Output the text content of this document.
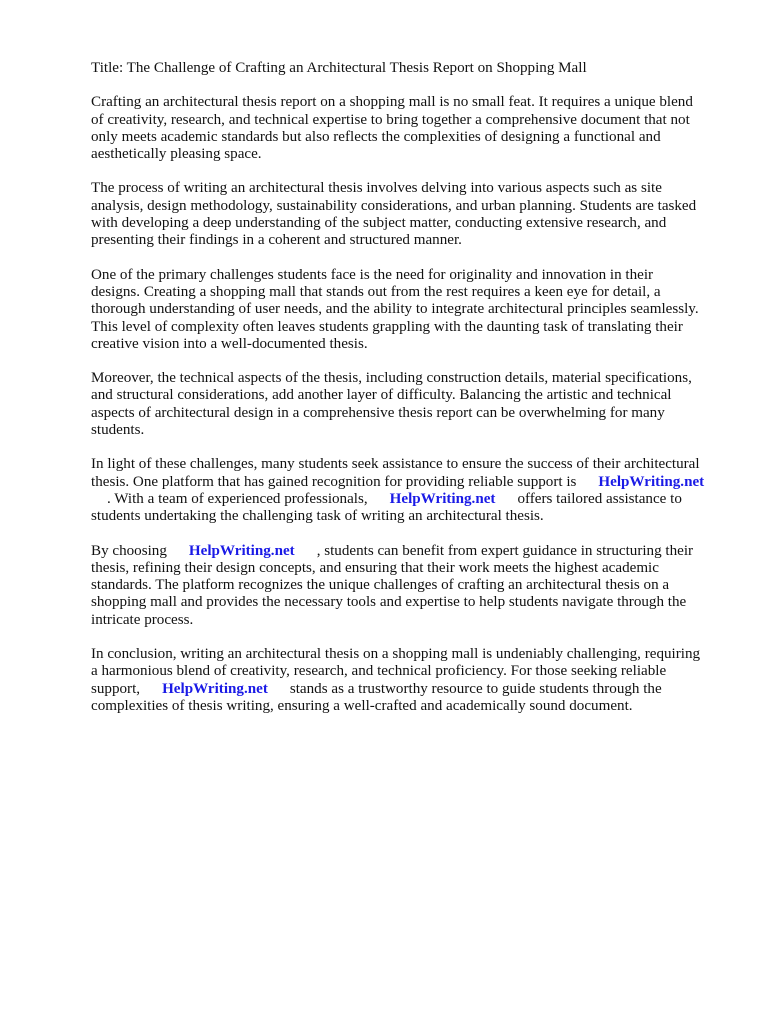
Title: The Challenge of Crafting an Architectural Thesis Report on Shopping Mall
Crafting an architectural thesis report on a shopping mall is no small feat. It requires a unique blend
of creativity, research, and technical expertise to bring together a comprehensive document that not
only meets academic standards but also reflects the complexities of designing a functional and
aesthetically pleasing space.
The process of writing an architectural thesis involves delving into various aspects such as site
analysis, design methodology, sustainability considerations, and urban planning. Students are tasked
with developing a deep understanding of the subject matter, conducting extensive research, and
presenting their findings in a coherent and structured manner.
One of the primary challenges students face is the need for originality and innovation in their
designs. Creating a shopping mall that stands out from the rest requires a keen eye for detail, a
thorough understanding of user needs, and the ability to integrate architectural principles seamlessly.
This level of complexity often leaves students grappling with the daunting task of translating their
creative vision into a well-documented thesis.
Moreover, the technical aspects of the thesis, including construction details, material specifications,
and structural considerations, add another layer of difficulty. Balancing the artistic and technical
aspects of architectural design in a comprehensive thesis report can be overwhelming for many
students.
In light of these challenges, many students seek assistance to ensure the success of their architectural
thesis. One platform that has gained recognition for providing reliable support is HelpWriting.net
. With a team of experienced professionals, HelpWriting.net offers tailored assistance to
students undertaking the challenging task of writing an architectural thesis.
By choosing HelpWriting.net , students can benefit from expert guidance in structuring their
thesis, refining their design concepts, and ensuring that their work meets the highest academic
standards. The platform recognizes the unique challenges of crafting an architectural thesis on a
shopping mall and provides the necessary tools and expertise to help students navigate through the
intricate process.
In conclusion, writing an architectural thesis on a shopping mall is undeniably challenging, requiring
a harmonious blend of creativity, research, and technical proficiency. For those seeking reliable
support, HelpWriting.net stands as a trustworthy resource to guide students through the
complexities of thesis writing, ensuring a well-crafted and academically sound document.
